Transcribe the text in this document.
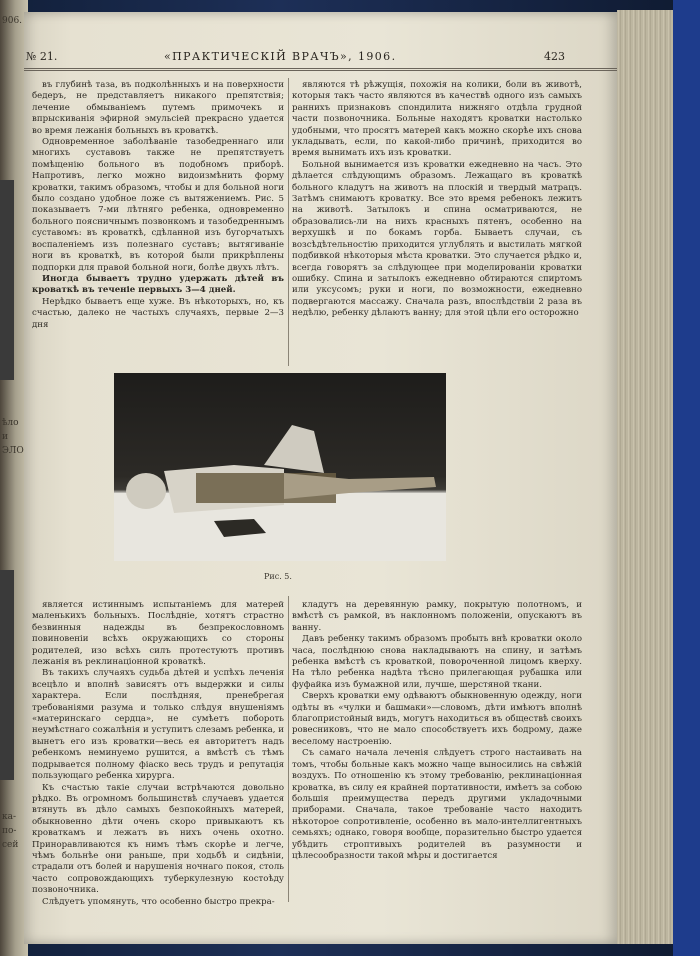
906.
ѣло
и
ЭЛО
ка-
по-
сей
№ 21.	«ПРАКТИЧЕСКІЙ ВРАЧЪ», 1906.	423

въ глубинѣ таза, въ подколѣнныхъ и на поверхности бедеръ, не представляетъ никакого препятствія; лечение обмываніемъ путемъ примочекъ и впрыскиванія эфирной эмульсіей прекрасно удается во время лежанія больныхъ въ кроваткѣ.

Одновременное заболѣваніе тазобедреннаго или многихъ суставовъ также не препятствуетъ помѣщенію больного въ подобномъ приборѣ. Напротивъ, легко можно видоизмѣнить форму кроватки, такимъ образомъ, чтобы и для больной ноги было создано удобное ложе съ вытяжениемъ. Рис. 5 показываетъ 7-ми лѣтняго ребенка, одновременно больного поясничнымъ позвонкомъ и тазобедреннымъ суставомъ: въ кроваткѣ, сдѣланной изъ бугорчатыхъ воспаленіемъ изъ полезнаго суставъ; вытягиваніе ноги въ кроваткѣ, въ которой были прикрѣплены подпорки для правой больной ноги, болѣе двухъ лѣтъ.

Иногда бываетъ трудно удержать дѣтей въ кроваткѣ въ теченіе первыхъ 3—4 дней.

Нерѣдко бываетъ еще хуже. Въ нѣкоторыхъ, но, къ счастью, далеко не частыхъ случаяхъ, первые 2—3 дня

являются тѣ рѣжущія, похожія на колики, боли въ животѣ, которыя такъ часто являются въ качествѣ одного изъ самыхъ раннихъ признаковъ спондилита нижняго отдѣла грудной части позвоночника. Больные находятъ кроватки настолько удобными, что просятъ матерей какъ можно скорѣе ихъ снова укладывать, если, по какой-либо причинѣ, приходится во время вынимать ихъ изъ кроватки.

Больной вынимается изъ кроватки ежедневно на часъ. Это дѣлается слѣдующимъ образомъ. Лежащаго въ кроваткѣ больного кладутъ на животъ на плоскій и твердый матрацъ. Затѣмъ снимаютъ кроватку. Все это время ребенокъ лежитъ на животѣ. Затылокъ и спина осматриваются, не образовались-ли на нихъ красныхъ пятенъ, особенно на верхушкѣ и по бокамъ горба. Бываетъ случаи, съ возсѣдѣтельностію приходится углублять и выстилать мягкой подбивкой нѣкоторыя мѣста кроватки. Это случается рѣдко и, всегда говорятъ за слѣдующее при моделированіи кроватки ошибку. Спина и затылокъ ежедневно обтираются спиртомъ или уксусомъ; руки и ноги, по возможности, ежедневно подвергаются массажу. Сначала разъ, впослѣдствіи 2 раза въ недѣлю, ребенку дѣлаютъ ванну; для этой цѣли его осторожно

Рис. 5.

является истиннымъ испытаніемъ для матерей маленькихъ больныхъ. Послѣдніе, хотятъ страстно безвинныя надежды въ безпрекословномъ повиновеніи всѣхъ окружающихъ со стороны родителей, изо всѣхъ силъ протестуютъ противъ лежанія въ реклинаціонной кроваткѣ.

Въ такихъ случаяхъ судьба дѣтей и успѣхъ леченія всецѣло и вполнѣ зависятъ отъ выдержки и силы характера. Если послѣдняя, пренебрегая требованіями разума и только слѣдуя внушеніямъ «материнскаго сердца», не сумѣетъ побороть неумѣстнаго сожалѣнія и уступитъ слезамъ ребенка, и вынетъ его изъ кроватки—весь ея авторитетъ надъ ребенкомъ неминуемо рушится, а вмѣстѣ съ тѣмъ подрывается полному фіаско весь трудъ и репутація пользующаго ребенка хирурга.

Къ счастью такіе случаи встрѣчаются довольно рѣдко. Въ огромномъ большинствѣ случаевъ удается втянуть въ дѣло самыхъ безпокойныхъ матерей, обыкновенно дѣти очень скоро привыкаютъ къ кроваткамъ и лежатъ въ нихъ очень охотно. Приноравливаются къ нимъ тѣмъ скорѣе и легче, чѣмъ больнѣе они раньше, при ходьбѣ и сидѣніи, страдали отъ болей и нарушенія ночнаго покоя, столь часто сопровождающихъ туберкулезную костоѣду позвоночника.

Слѣдуетъ упомянуть, что особенно быстро прекра-

кладутъ на деревянную рамку, покрытую полотномъ, и вмѣстѣ съ рамкой, въ наклонномъ положеніи, опускаютъ въ ванну.

Давъ ребенку такимъ образомъ пробыть внѣ кроватки около часа, послѣднюю снова накладываютъ на спину, и затѣмъ ребенка вмѣстѣ съ кроваткой, повороченной лицомъ кверху. На тѣло ребенка надѣта тѣсно прилегающая рубашка или фуфайка изъ бумажной или, лучше, шерстяной ткани.

Сверхъ кроватки ему одѣваютъ обыкновенную одежду, ноги одѣты въ «чулки и башмаки»—словомъ, дѣти имѣютъ вполнѣ благопристойный видъ, могутъ находиться въ обществѣ своихъ ровесниковъ, что не мало способствуетъ ихъ бодрому, даже веселому настроенію.

Съ самаго начала леченія слѣдуетъ строго настаивать на томъ, чтобы больные какъ можно чаще выносились на свѣжій воздухъ. По отношенію къ этому требованію, реклинаціонная кроватка, въ силу ея крайней портативности, имѣетъ за собою большія преимущества передъ другими укладочными приборами. Сначала, такое требованіе часто находитъ нѣкоторое сопротивленіе, особенно въ мало-интеллигентныхъ семьяхъ; однако, говоря вообще, поразительно быстро удается убѣдить строптивыхъ родителей въ разумности и цѣлесообразности такой мѣры и достигается
